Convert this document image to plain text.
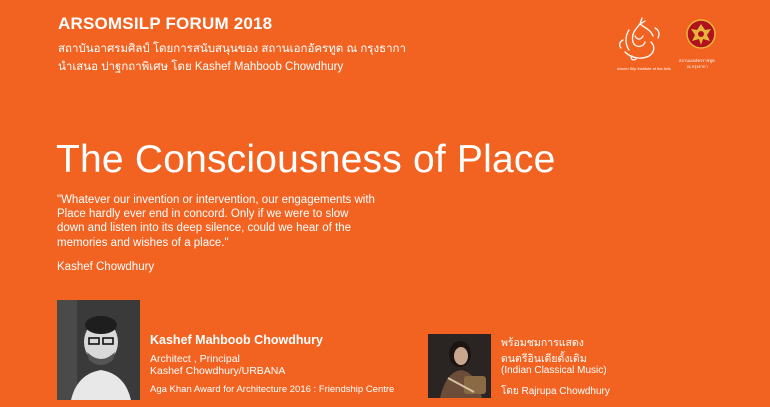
ARSOMSILP FORUM 2018
สถาบันอาศรมศิลป์ โดยการสนับสนุนของ สถานเอกอัครทูต ณ กรุงธากา
นำเสนอ ปาฐกถาพิเศษ โดย Kashef Mahboob Chowdhury	Arsom Silp Institute of the Arts
สถานเอกอัครราชทูต
ณ กรุงธากา
The Consciousness of Place
"Whatever our invention or intervention, our engagements with Place hardly ever end in concord. Only if we were to slow down and listen into its deep silence, could we hear of the memories and wishes of a place."
Kashef Chowdhury
Kashef Mahboob Chowdhury
Architect , Principal
Kashef Chowdhury/URBANA
Aga Khan Award for Architecture 2016 : Friendship Centre
พร้อมชมการแสดง
ดนตรีอินเดียดั้งเดิม
(Indian Classical Music)
โดย Rajrupa Chowdhury
